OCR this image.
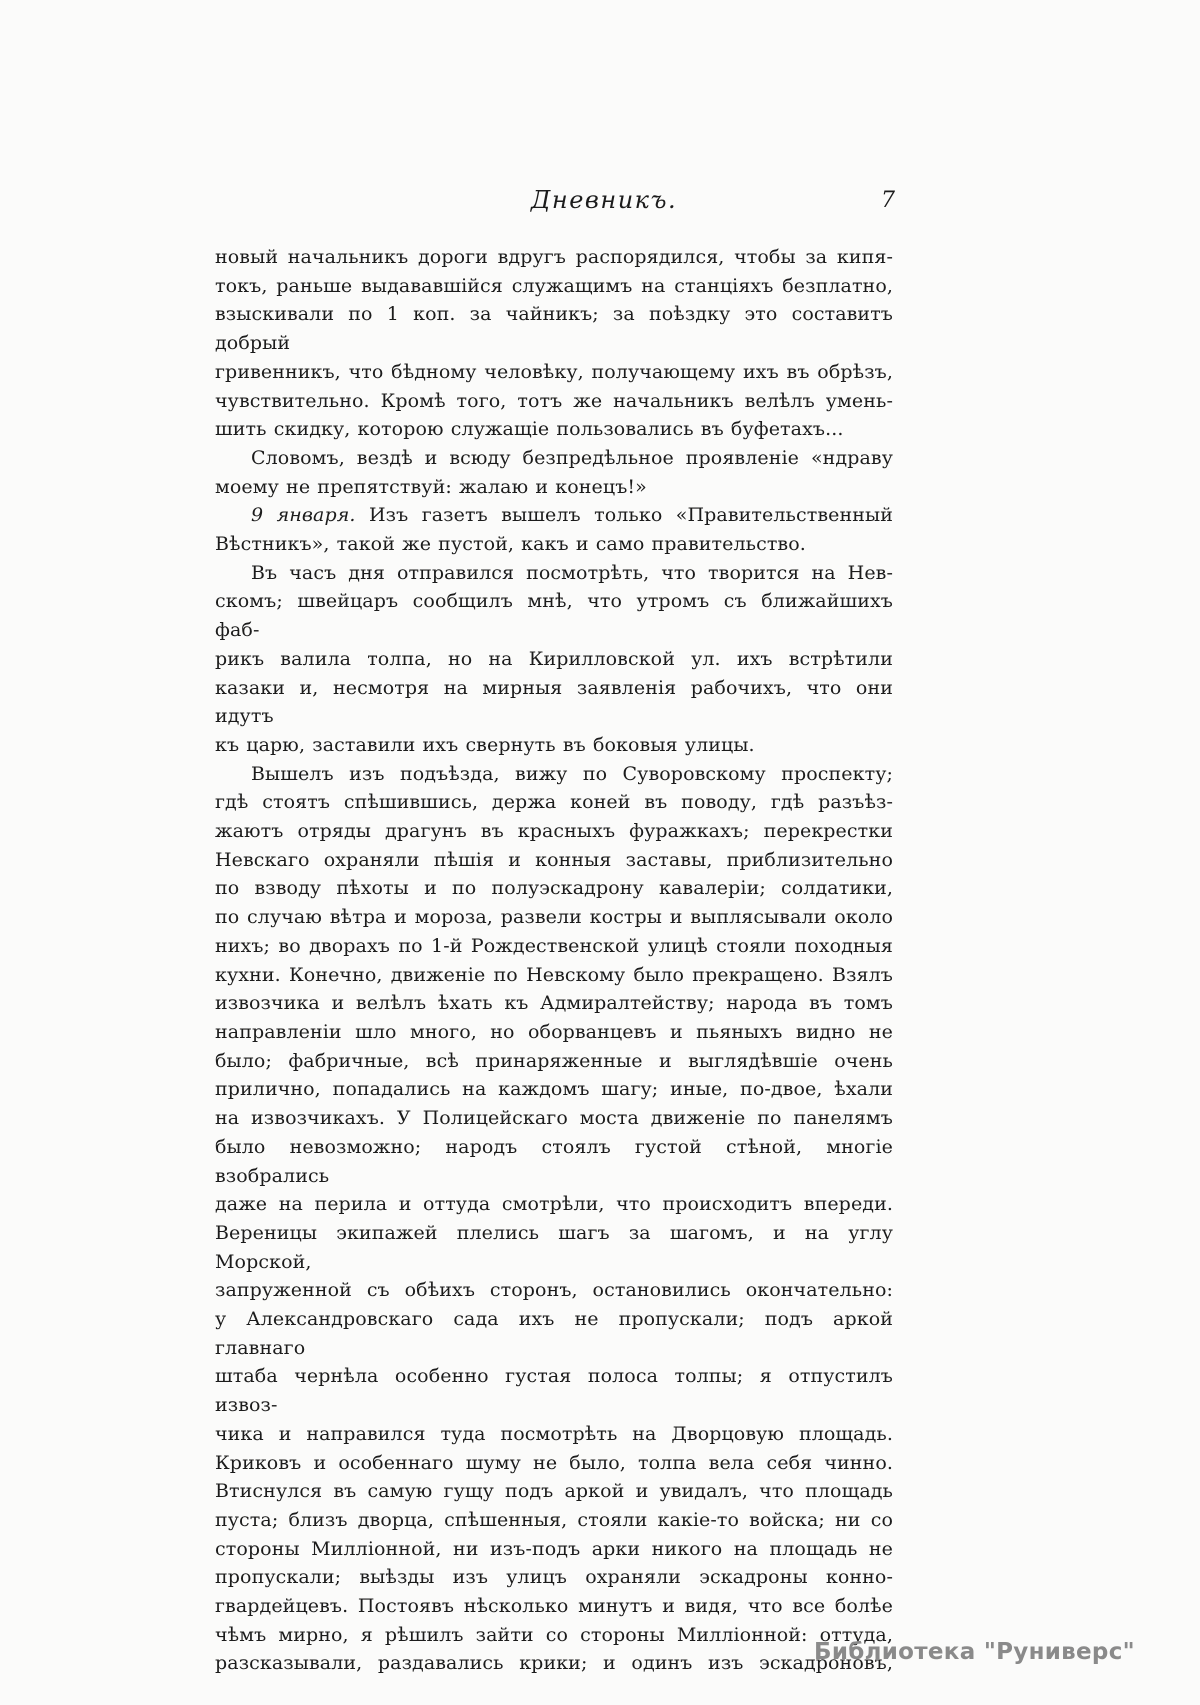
Дневникъ.	7
новый начальникъ дороги вдругъ распорядился, чтобы за кипя-
токъ, раньше выдававшійся служащимъ на станціяхъ безплатно,
взыскивали по 1 коп. за чайникъ; за поѣздку это составитъ добрый
гривенникъ, что бѣдному человѣку, получающему ихъ въ обрѣзъ,
чувствительно. Кромѣ того, тотъ же начальникъ велѣлъ умень-
шить скидку, которою служащіе пользовались въ буфетахъ...
Словомъ, вездѣ и всюду безпредѣльное проявленіе «ндраву
моему не препятствуй: жалаю и конецъ!»
9 января. Изъ газетъ вышелъ только «Правительственный
Вѣстникъ», такой же пустой, какъ и само правительство.
Въ часъ дня отправился посмотрѣть, что творится на Нев-
скомъ; швейцаръ сообщилъ мнѣ, что утромъ съ ближайшихъ фаб-
рикъ валила толпа, но на Кирилловской ул. ихъ встрѣтили
казаки и, несмотря на мирныя заявленія рабочихъ, что они идутъ
къ царю, заставили ихъ свернуть въ боковыя улицы.
Вышелъ изъ подъѣзда, вижу по Суворовскому проспекту;
гдѣ стоятъ спѣшившись, держа коней въ поводу, гдѣ разъѣз-
жаютъ отряды драгунъ въ красныхъ фуражкахъ; перекрестки
Невскаго охраняли пѣшія и конныя заставы, приблизительно
по взводу пѣхоты и по полуэскадрону кавалеріи; солдатики,
по случаю вѣтра и мороза, развели костры и выплясывали около
нихъ; во дворахъ по 1-й Рождественской улицѣ стояли походныя
кухни. Конечно, движеніе по Невскому было прекращено. Взялъ
извозчика и велѣлъ ѣхать къ Адмиралтейству; народа въ томъ
направленіи шло много, но оборванцевъ и пьяныхъ видно не
было; фабричные, всѣ принаряженные и выглядѣвшіе очень
прилично, попадались на каждомъ шагу; иные, по-двое, ѣхали
на извозчикахъ. У Полицейскаго моста движеніе по панелямъ
было невозможно; народъ стоялъ густой стѣной, многіе взобрались
даже на перила и оттуда смотрѣли, что происходитъ впереди.
Вереницы экипажей плелись шагъ за шагомъ, и на углу Морской,
запруженной съ обѣихъ сторонъ, остановились окончательно:
у Александровскаго сада ихъ не пропускали; подъ аркой главнаго
штаба чернѣла особенно густая полоса толпы; я отпустилъ извоз-
чика и направился туда посмотрѣть на Дворцовую площадь.
Криковъ и особеннаго шуму не было, толпа вела себя чинно.
Втиснулся въ самую гущу подъ аркой и увидалъ, что площадь
пуста; близъ дворца, спѣшенныя, стояли какіе-то войска; ни со
стороны Милліонной, ни изъ-подъ арки никого на площадь не
пропускали; выѣзды изъ улицъ охраняли эскадроны конно-
гвардейцевъ. Постоявъ нѣсколько минутъ и видя, что все болѣе
чѣмъ мирно, я рѣшилъ зайти со стороны Милліонной: оттуда,
разсказывали, раздавались крики; и одинъ изъ эскадроновъ,
Библиотека "Руниверс"
